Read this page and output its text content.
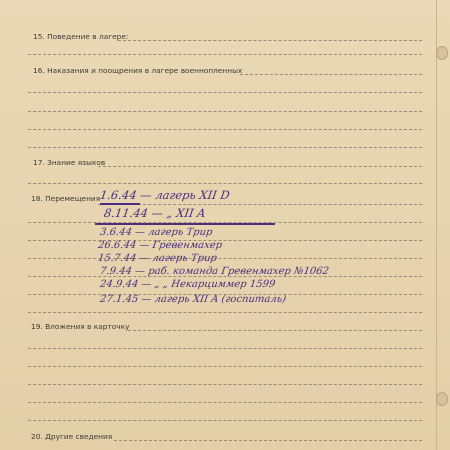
15. Поведение в лагере:
16. Наказания и поощрения в лагере военнопленных
17. Знание языков
18. Перемещения
1.6.44 — лагерь XII D
8.11.44 — „ XII A
3.6.44 — лагерь Трир
26.6.44 — Гревенмахер
15.7.44 — лагерь Трир
7.9.44 — раб. команда Гревенмахер №1062
24.9.44 — „ „ Некарциммер 1599
27.1.45 — лагерь XII A (госпиталь)
19. Вложения в карточку
20. Другие сведения
